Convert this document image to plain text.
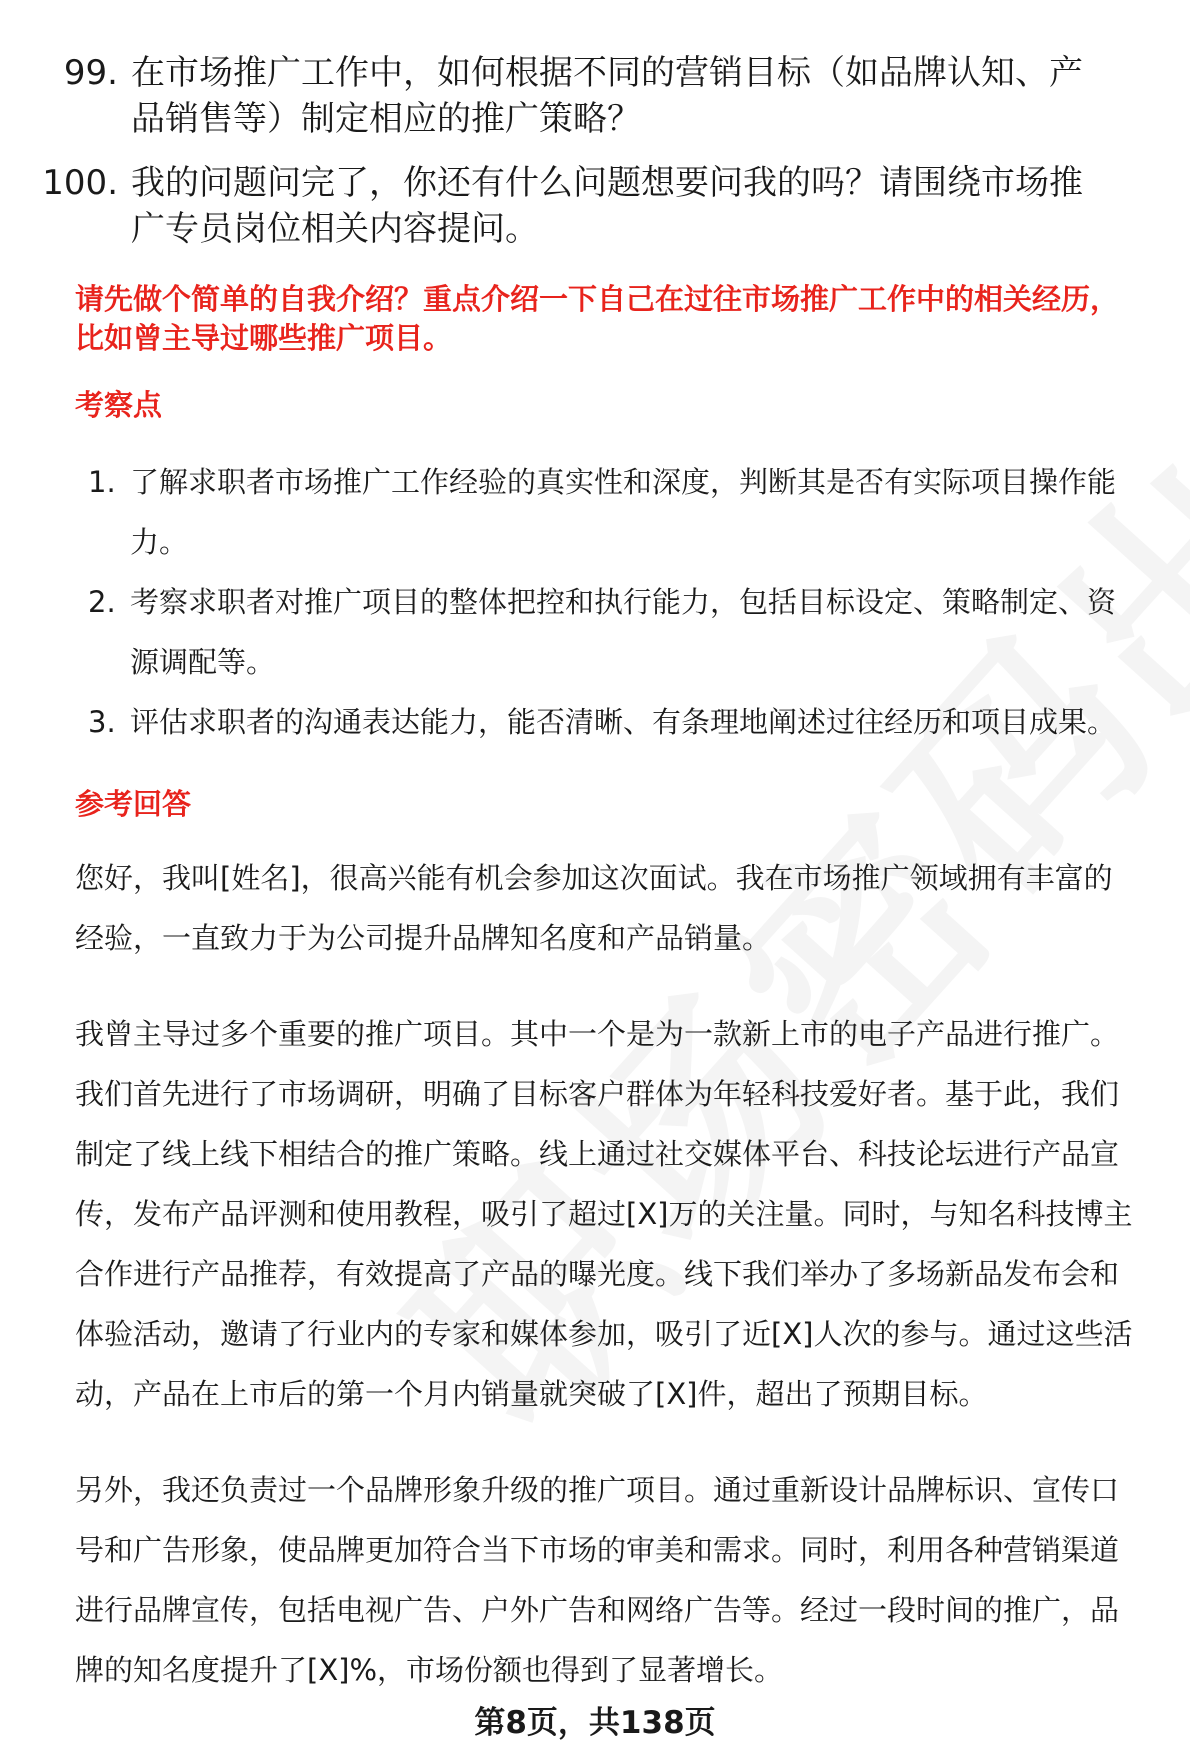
99. 在市场推广工作中，如何根据不同的营销目标（如品牌认知、产
品销售等）制定相应的推广策略？
100. 我的问题问完了，你还有什么问题想要问我的吗？请围绕市场推
广专员岗位相关内容提问。
请先做个简单的自我介绍？重点介绍一下自己在过往市场推广工作中的相关经历，
比如曾主导过哪些推广项目。
考察点
1. 了解求职者市场推广工作经验的真实性和深度，判断其是否有实际项目操作能
力。
2. 考察求职者对推广项目的整体把控和执行能力，包括目标设定、策略制定、资
源调配等。
3. 评估求职者的沟通表达能力，能否清晰、有条理地阐述过往经历和项目成果。
参考回答
您好，我叫[姓名]，很高兴能有机会参加这次面试。我在市场推广领域拥有丰富的
经验，一直致力于为公司提升品牌知名度和产品销量。
我曾主导过多个重要的推广项目。其中一个是为一款新上市的电子产品进行推广。
我们首先进行了市场调研，明确了目标客户群体为年轻科技爱好者。基于此，我们
制定了线上线下相结合的推广策略。线上通过社交媒体平台、科技论坛进行产品宣
传，发布产品评测和使用教程，吸引了超过[X]万的关注量。同时，与知名科技博主
合作进行产品推荐，有效提高了产品的曝光度。线下我们举办了多场新品发布会和
体验活动，邀请了行业内的专家和媒体参加，吸引了近[X]人次的参与。通过这些活
动，产品在上市后的第一个月内销量就突破了[X]件，超出了预期目标。
另外，我还负责过一个品牌形象升级的推广项目。通过重新设计品牌标识、宣传口
号和广告形象，使品牌更加符合当下市场的审美和需求。同时，利用各种营销渠道
进行品牌宣传，包括电视广告、户外广告和网络广告等。经过一段时间的推广，品
牌的知名度提升了[X]%，市场份额也得到了显著增长。
第8页，共138页
